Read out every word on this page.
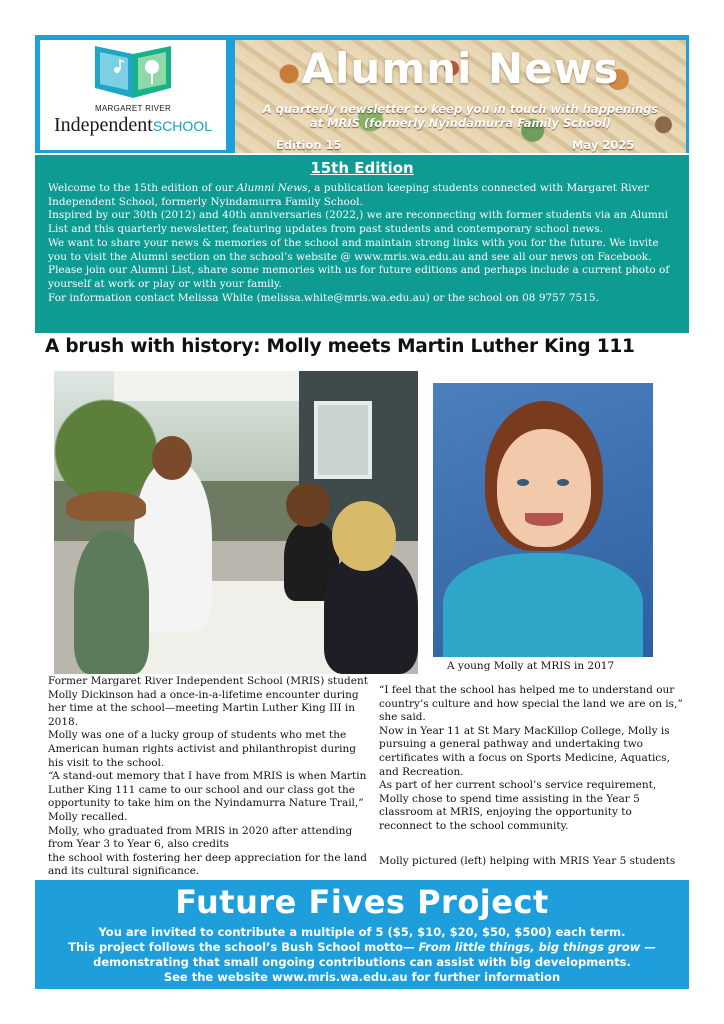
MARGARET RIVER
IndependentSCHOOL
Alumni News
A quarterly newsletter to keep you in touch with happenings
at MRIS (formerly Nyindamurra Family School)
Edition 15	May 2025
15th Edition

Welcome to the 15th edition of our Alumni News, a publication keeping students connected with Margaret River Independent School, formerly Nyindamurra Family School.

Inspired by our 30th (2012) and 40th anniversaries (2022,) we are reconnecting with former students via an Alumni List and this quarterly newsletter, featuring updates from past students and contemporary school news.

We want to share your news & memories of the school and maintain strong links with you for the future. We invite you to visit the Alumni section on the school’s website @ www.mris.wa.edu.au and see all our news on Facebook.

Please join our Alumni List, share some memories with us for future editions and perhaps include a current photo of yourself at work or play or with your family.

For information contact Melissa White (melissa.white@mris.wa.edu.au) or the school on 08 9757 7515.

A brush with history: Molly meets Martin Luther King 111
A young Molly at MRIS in 2017

Former Margaret River Independent School (MRIS) student Molly Dickinson had a once-in-a-lifetime encounter during her time at the school—meeting Martin Luther King III in 2018.

Molly was one of a lucky group of students who met the American human rights activist and philanthropist during his visit to the school.

“A stand-out memory that I have from MRIS is when Martin Luther King 111 came to our school and our class got the opportunity to take him on the Nyindamurra Nature Trail,” Molly recalled.

Molly, who graduated from MRIS in 2020 after attending from Year 3 to Year 6, also credits

the school with fostering her deep appreciation for the land and its cultural significance.

“I feel that the school has helped me to understand our country’s culture and how special the land we are on is,” she said.

Now in Year 11 at St Mary MacKillop College, Molly is pursuing a general pathway and undertaking two certificates with a focus on Sports Medicine, Aquatics, and Recreation.

As part of her current school’s service requirement, Molly chose to spend time assisting in the Year 5 classroom at MRIS, enjoying the opportunity to reconnect to the school community.

Molly pictured (left) helping with MRIS Year 5 students
Future Fives Project

You are invited to contribute a multiple of 5 ($5, $10, $20, $50, $500) each term.

This project follows the school’s Bush School motto— From little things, big things grow —

demonstrating that small ongoing contributions can assist with big developments.

See the website www.mris.wa.edu.au for further information
